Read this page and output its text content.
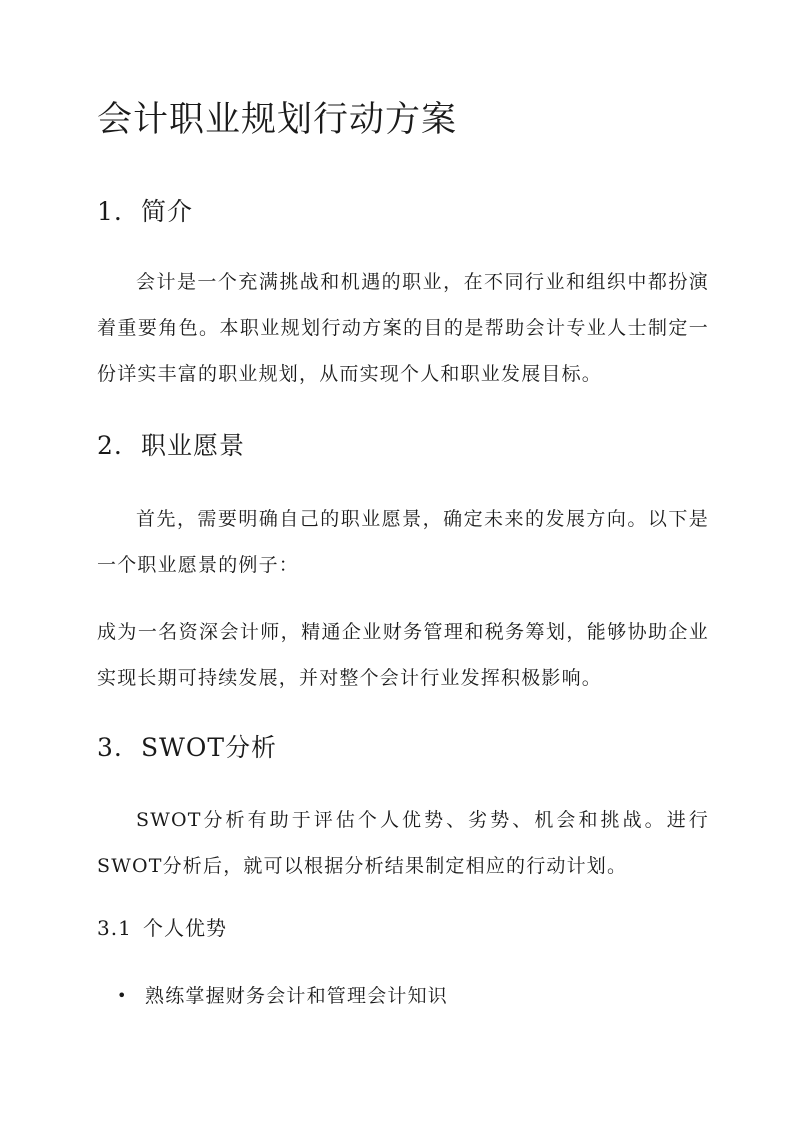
会计职业规划行动方案
1. 简介

会计是一个充满挑战和机遇的职业，在不同行业和组织中都扮演着重要角色。本职业规划行动方案的目的是帮助会计专业人士制定一份详实丰富的职业规划，从而实现个人和职业发展目标。

2. 职业愿景

首先，需要明确自己的职业愿景，确定未来的发展方向。以下是一个职业愿景的例子：

成为一名资深会计师，精通企业财务管理和税务筹划，能够协助企业实现长期可持续发展，并对整个会计行业发挥积极影响。

3. SWOT分析

SWOT分析有助于评估个人优势、劣势、机会和挑战。进行SWOT分析后，就可以根据分析结果制定相应的行动计划。

3.1 个人优势
• 熟练掌握财务会计和管理会计知识
